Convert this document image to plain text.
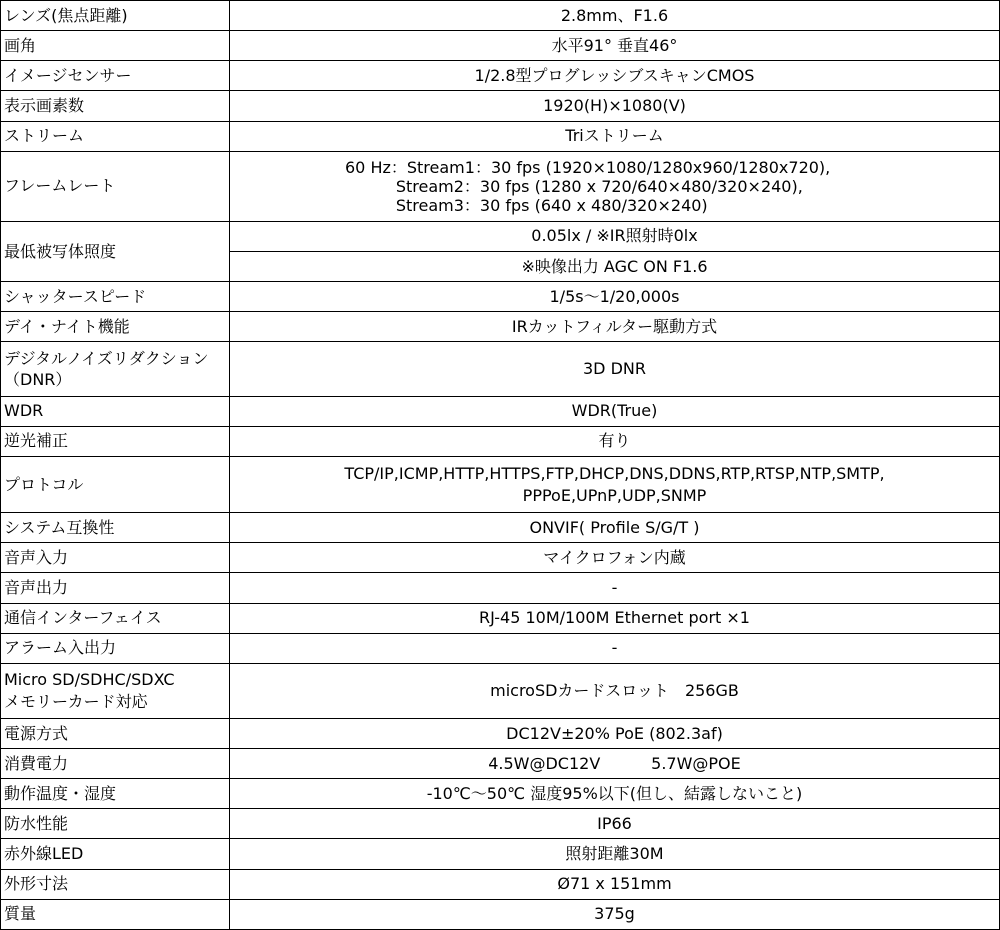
レンズ(焦点距離)	2.8mm、F1.6
画角	水平91° 垂直46°
イメージセンサー	1/2.8型プログレッシブスキャンCMOS
表示画素数	1920(H)×1080(V)
ストリーム	Triストリーム
フレームレート	60 Hz：Stream1：30 fps (1920×1080/1280x960/1280x720),
Stream2：30 fps (1280 x 720/640×480/320×240),
Stream3：30 fps (640 x 480/320×240)

最低被写体照度	0.05lx / ※IR照射時0lx
	※映像出力 AGC ON F1.6
シャッタースピード	1/5s〜1/20,000s
デイ・ナイト機能	IRカットフィルター駆動方式

デジタルノイズリダクション
（DNR）	3D DNR
WDR	WDR(True)
逆光補正	有り
プロトコル	TCP/IP,ICMP,HTTP,HTTPS,FTP,DHCP,DNS,DDNS,RTP,RTSP,NTP,SMTP,
PPPoE,UPnP,UDP,SNMP

システム互換性	ONVIF( Profile S/G/T )
音声入力	マイクロフォン内蔵
音声出力	-
通信インターフェイス	RJ-45 10M/100M Ethernet port ×1
アラーム入出力	-

Micro SD/SDHC/SDXC
メモリーカード対応	microSDカードスロット　256GB
電源方式	DC12V±20% PoE (802.3af)
消費電力	4.5W@DC12V          5.7W@POE

動作温度・湿度	-10℃〜50℃ 湿度95%以下(但し、結露しないこと)
防水性能	IP66
赤外線LED	照射距離30M
外形寸法	Ø71 x 151mm
質量	375g
